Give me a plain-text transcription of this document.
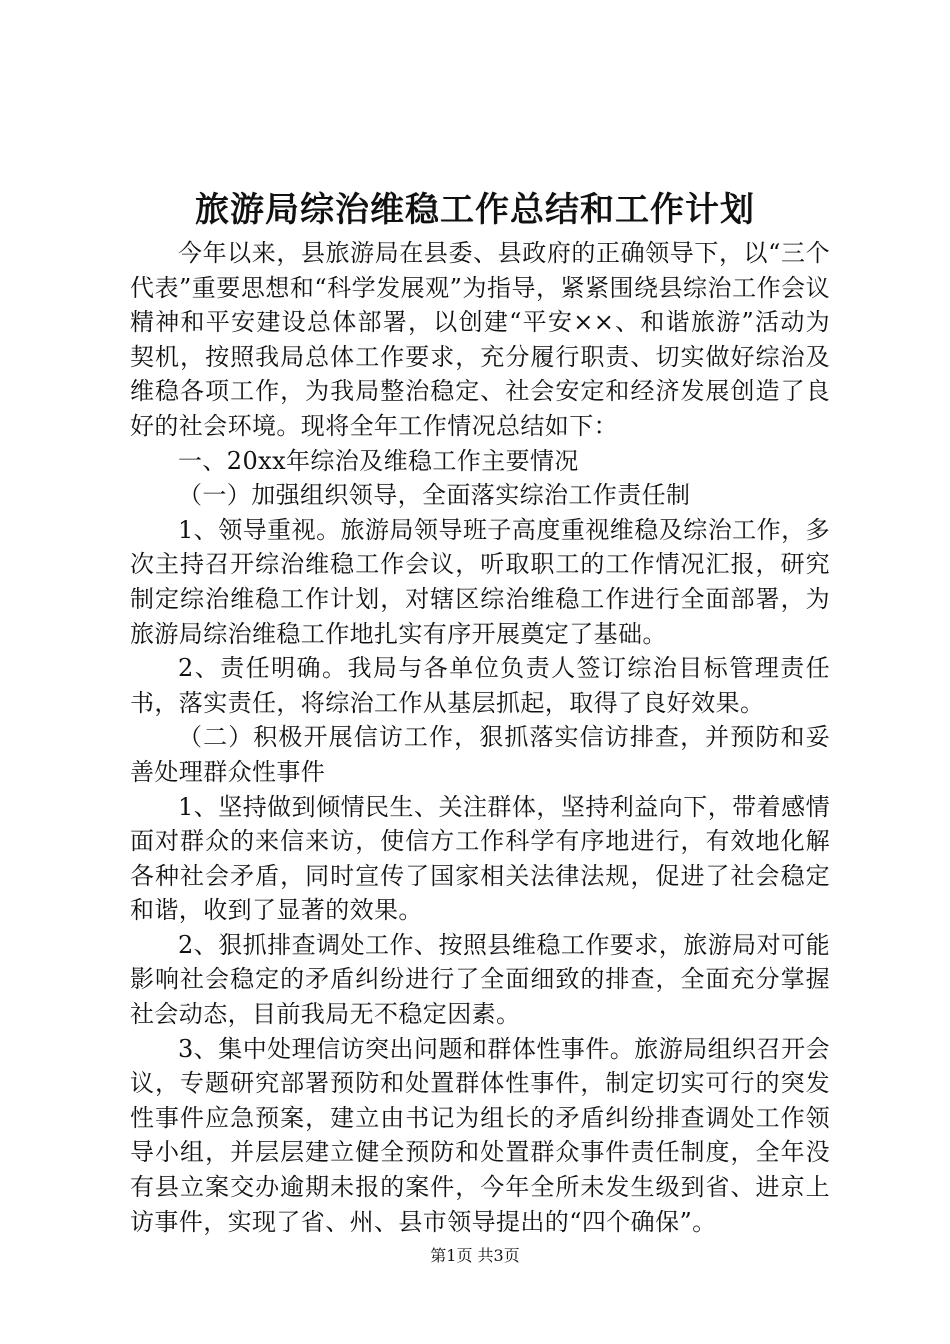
旅游局综治维稳工作总结和工作计划

今年以来，县旅游局在县委、县政府的正确领导下，以“三个代表”重要思想和“科学发展观”为指导，紧紧围绕县综治工作会议精神和平安建设总体部署，以创建“平安××、和谐旅游”活动为契机，按照我局总体工作要求，充分履行职责、切实做好综治及维稳各项工作，为我局整治稳定、社会安定和经济发展创造了良好的社会环境。现将全年工作情况总结如下：

一、20xx年综治及维稳工作主要情况

（一）加强组织领导，全面落实综治工作责任制

1、领导重视。旅游局领导班子高度重视维稳及综治工作，多次主持召开综治维稳工作会议，听取职工的工作情况汇报，研究制定综治维稳工作计划，对辖区综治维稳工作进行全面部署，为旅游局综治维稳工作地扎实有序开展奠定了基础。

2、责任明确。我局与各单位负责人签订综治目标管理责任书，落实责任，将综治工作从基层抓起，取得了良好效果。

（二）积极开展信访工作，狠抓落实信访排查，并预防和妥善处理群众性事件

1、坚持做到倾情民生、关注群体，坚持利益向下，带着感情面对群众的来信来访，使信方工作科学有序地进行，有效地化解各种社会矛盾，同时宣传了国家相关法律法规，促进了社会稳定和谐，收到了显著的效果。

2、狠抓排查调处工作、按照县维稳工作要求，旅游局对可能影响社会稳定的矛盾纠纷进行了全面细致的排查，全面充分掌握社会动态，目前我局无不稳定因素。

3、集中处理信访突出问题和群体性事件。旅游局组织召开会议，专题研究部署预防和处置群体性事件，制定切实可行的突发性事件应急预案，建立由书记为组长的矛盾纠纷排查调处工作领导小组，并层层建立健全预防和处置群众事件责任制度，全年没有县立案交办逾期未报的案件，今年全所未发生级到省、进京上访事件，实现了省、州、县市领导提出的“四个确保”。

第1页 共3页
